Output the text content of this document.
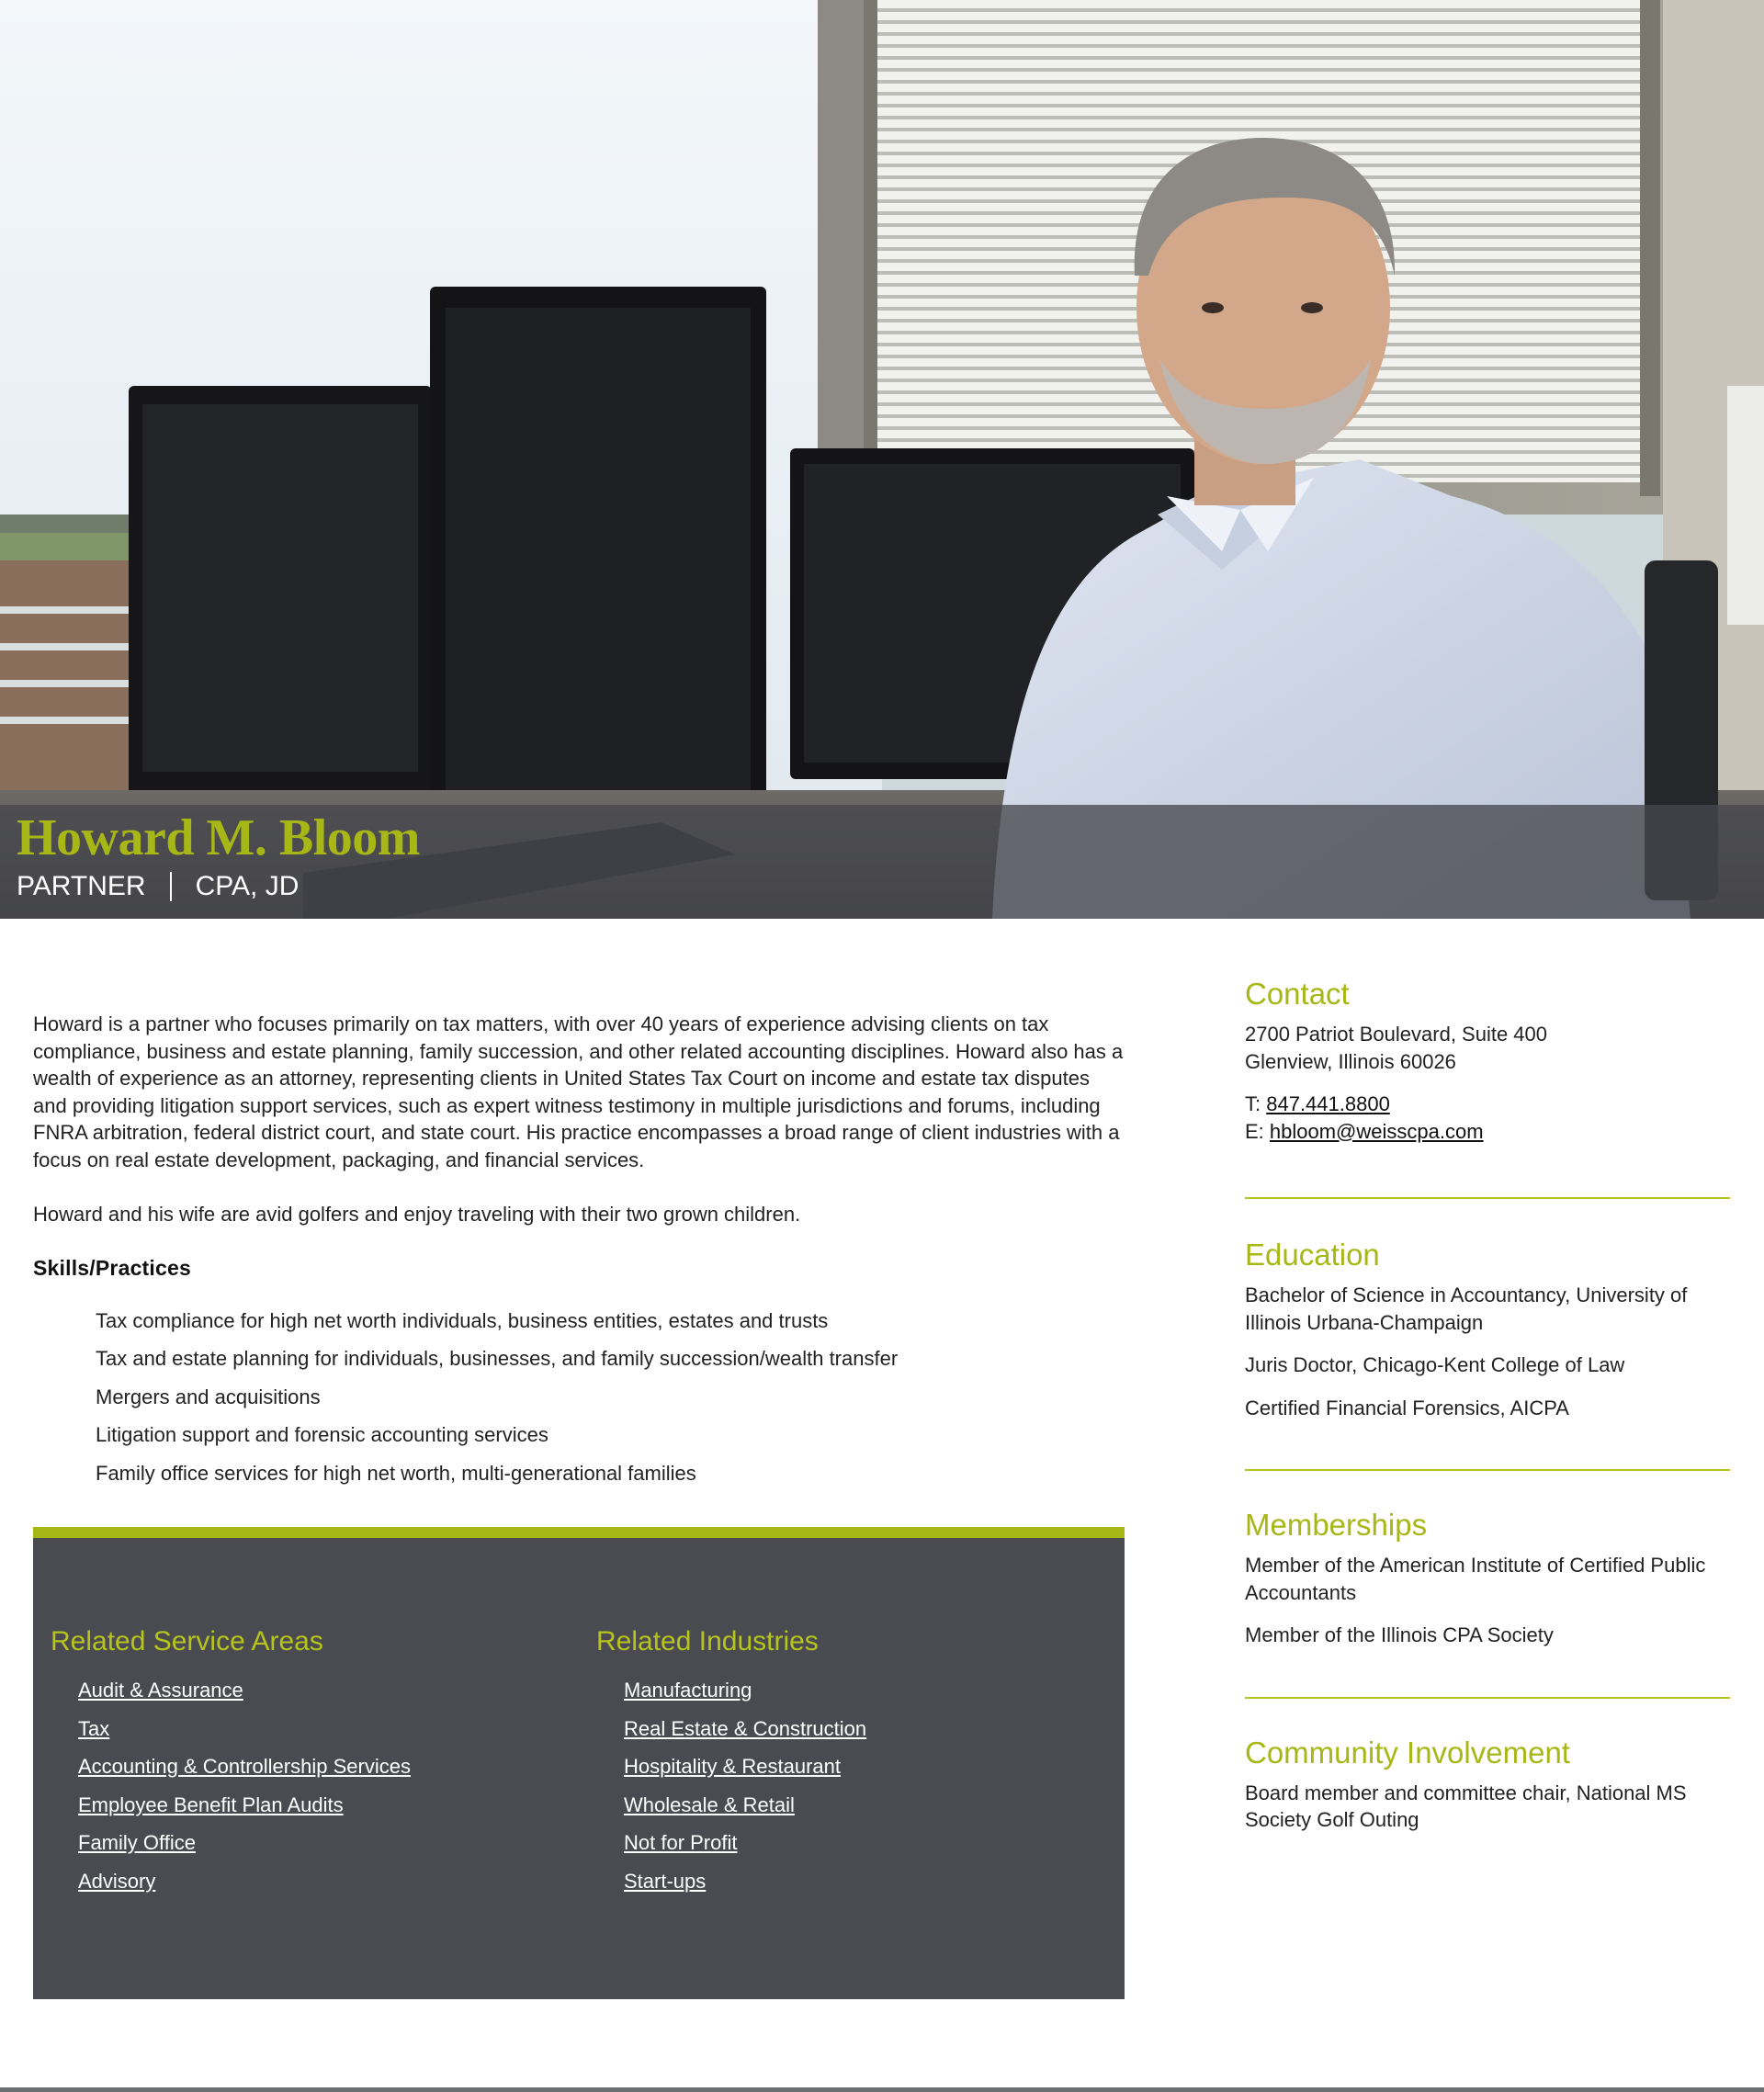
Howard M. Bloom
PARTNER CPA, JD

Howard is a partner who focuses primarily on tax matters, with over 40 years of experience advising clients on tax compliance, business and estate planning, family succession, and other related accounting disciplines. Howard also has a wealth of experience as an attorney, representing clients in United States Tax Court on income and estate tax disputes and providing litigation support services, such as expert witness testimony in multiple jurisdictions and forums, including FNRA arbitration, federal district court, and state court. His practice encompasses a broad range of client industries with a focus on real estate development, packaging, and financial services.

Howard and his wife are avid golfers and enjoy traveling with their two grown children.

Skills/Practices
Tax compliance for high net worth individuals, business entities, estates and trusts
Tax and estate planning for individuals, businesses, and family succession/wealth transfer
Mergers and acquisitions
Litigation support and forensic accounting services
Family office services for high net worth, multi-generational families
Related Service Areas
Audit & Assurance
Tax
Accounting & Controllership Services
Employee Benefit Plan Audits
Family Office
Advisory
Related Industries
Manufacturing
Real Estate & Construction
Hospitality & Restaurant
Wholesale & Retail
Not for Profit
Start-ups
Contact

2700 Patriot Boulevard, Suite 400
Glenview, Illinois 60026

T: 847.441.8800
E: hbloom@weisscpa.com

Education

Bachelor of Science in Accountancy, University of Illinois Urbana-Champaign

Juris Doctor, Chicago-Kent College of Law

Certified Financial Forensics, AICPA

Memberships

Member of the American Institute of Certified Public Accountants

Member of the Illinois CPA Society

Community Involvement

Board member and committee chair, National MS Society Golf Outing
